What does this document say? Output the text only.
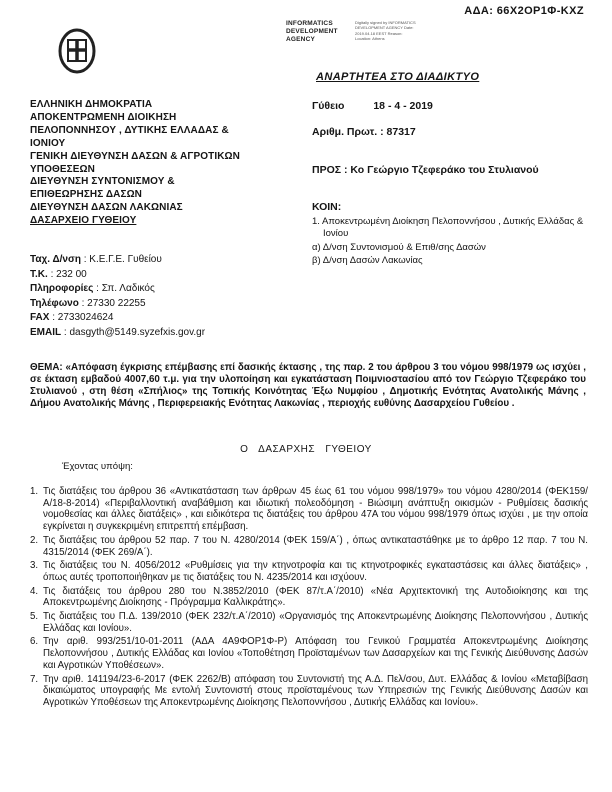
ΑΔΑ: 66Χ2ΟΡ1Φ-ΚΧΖ
INFORMATICS DEVELOPMENT AGENCY
Digitally signed by INFORMATICS DEVELOPMENT AGENCY Date: 2019.04.18 EEST Reason: Location: Athens
ΑΝΑΡΤΗΤΕΑ ΣΤΟ ΔΙΑΔΙΚΤΥΟ
ΕΛΛΗΝΙΚΗ ΔΗΜΟΚΡΑΤΙΑ
ΑΠΟΚΕΝΤΡΩΜΕΝΗ ΔΙΟΙΚΗΣΗ
ΠΕΛΟΠΟΝΝΗΣΟΥ , ΔΥΤΙΚΗΣ ΕΛΛΑΔΑΣ &
ΙΟΝΙΟΥ
ΓΕΝΙΚΗ ΔΙΕΥΘΥΝΣΗ ΔΑΣΩΝ & ΑΓΡΟΤΙΚΩΝ
ΥΠΟΘΕΣΕΩΝ
ΔΙΕΥΘΥΝΣΗ ΣΥΝΤΟΝΙΣΜΟΥ &
ΕΠΙΘΕΩΡΗΣΗΣ ΔΑΣΩΝ
ΔΙΕΥΘΥΝΣΗ ΔΑΣΩΝ ΛΑΚΩΝΙΑΣ
ΔΑΣΑΡΧΕΙΟ ΓΥΘΕΙΟΥ
Ταχ. Δ/νση : Κ.Ε.Γ.Ε. Γυθείου
Τ.Κ. : 232 00
Πληροφορίες : Σπ. Λαδικός
Τηλέφωνο : 27330 22255
FAX : 2733024624
EMAIL : dasgyth@5149.syzefxis.gov.gr
Γύθειο	18 - 4 - 2019
Αριθμ. Πρωτ. : 87317
ΠΡΟΣ : Κο Γεώργιο Τζεφεράκο του Στυλιανού
ΚΟΙΝ:
1. Αποκεντρωμένη Διοίκηση Πελοποννήσου , Δυτικής Ελλάδας & Ιονίου
α) Δ/νση Συντονισμού & Επιθ/σης Δασών
β) Δ/νση Δασών Λακωνίας
ΘΕΜΑ: «Απόφαση έγκρισης επέμβασης επί δασικής έκτασης , της παρ. 2 του άρθρου 3 του νόμου 998/1979 ως ισχύει , σε έκταση εμβαδού 4007,60 τ.μ. για την υλοποίηση και εγκατάσταση Ποιμνιοστασίου από τον Γεώργιο Τζεφεράκο του Στυλιανού , στη θέση «Σπήλιος» της Τοπικής Κοινότητας Έξω Νυμφίου , Δημοτικής Ενότητας Ανατολικής Μάνης , Δήμου Ανατολικής Μάνης , Περιφερειακής Ενότητας Λακωνίας , περιοχής ευθύνης Δασαρχείου Γυθείου .
Ο ΔΑΣΑΡΧΗΣ ΓΥΘΕΙΟΥ
Έχοντας υπόψη:
Τις διατάξεις του άρθρου 36 «Αντικατάσταση των άρθρων 45 έως 61 του νόμου 998/1979» του νόμου 4280/2014 (ΦΕΚ159/Α/18-8-2014) «Περιβαλλοντική αναβάθμιση και ιδιωτική πολεοδόμηση - Βιώσιμη ανάπτυξη οικισμών - Ρυθμίσεις δασικής νομοθεσίας και άλλες διατάξεις» , και ειδικότερα τις διατάξεις του άρθρου 47Α του νόμου 998/1979 όπως ισχύει , με την οποία εγκρίνεται η συγκεκριμένη επιτρεπτή επέμβαση.
Τις διατάξεις του άρθρου 52 παρ. 7 του Ν. 4280/2014 (ΦΕΚ 159/Α΄) , όπως αντικαταστάθηκε με το άρθρο 12 παρ. 7 του Ν. 4315/2014 (ΦΕΚ 269/Α΄).
Τις διατάξεις του Ν. 4056/2012 «Ρυθμίσεις για την κτηνοτροφία και τις κτηνοτροφικές εγκαταστάσεις και άλλες διατάξεις» , όπως αυτές τροποποιήθηκαν με τις διατάξεις του Ν. 4235/2014 και ισχύουν.
Τις διατάξεις του άρθρου 280 του Ν.3852/2010 (ΦΕΚ 87/τ.Α΄/2010) «Νέα Αρχιτεκτονική της Αυτοδιοίκησης και της Αποκεντρωμένης Διοίκησης - Πρόγραμμα Καλλικράτης».
Τις διατάξεις του Π.Δ. 139/2010 (ΦΕΚ 232/τ.Α΄/2010) «Οργανισμός της Αποκεντρωμένης Διοίκησης Πελοποννήσου , Δυτικής Ελλάδας και Ιονίου».
Την αριθ. 993/251/10-01-2011 (ΑΔΑ 4Α9ΦΟΡ1Φ-Ρ) Απόφαση του Γενικού Γραμματέα Αποκεντρωμένης Διοίκησης Πελοποννήσου , Δυτικής Ελλάδας και Ιονίου «Τοποθέτηση Προϊσταμένων των Δασαρχείων και της Γενικής Διεύθυνσης Δασών και Αγροτικών Υποθέσεων».
Την αριθ. 141194/23-6-2017 (ΦΕΚ 2262/Β) απόφαση του Συντονιστή της Α.Δ. Πελ/σου, Δυτ. Ελλάδας & Ιονίου «Μεταβίβαση δικαιώματος υπογραφής Με εντολή Συντονιστή στους προϊσταμένους των Υπηρεσιών της Γενικής Διεύθυνσης Δασών και Αγροτικών Υποθέσεων της Αποκεντρωμένης Διοίκησης Πελοποννήσου , Δυτικής Ελλάδας και Ιονίου».
